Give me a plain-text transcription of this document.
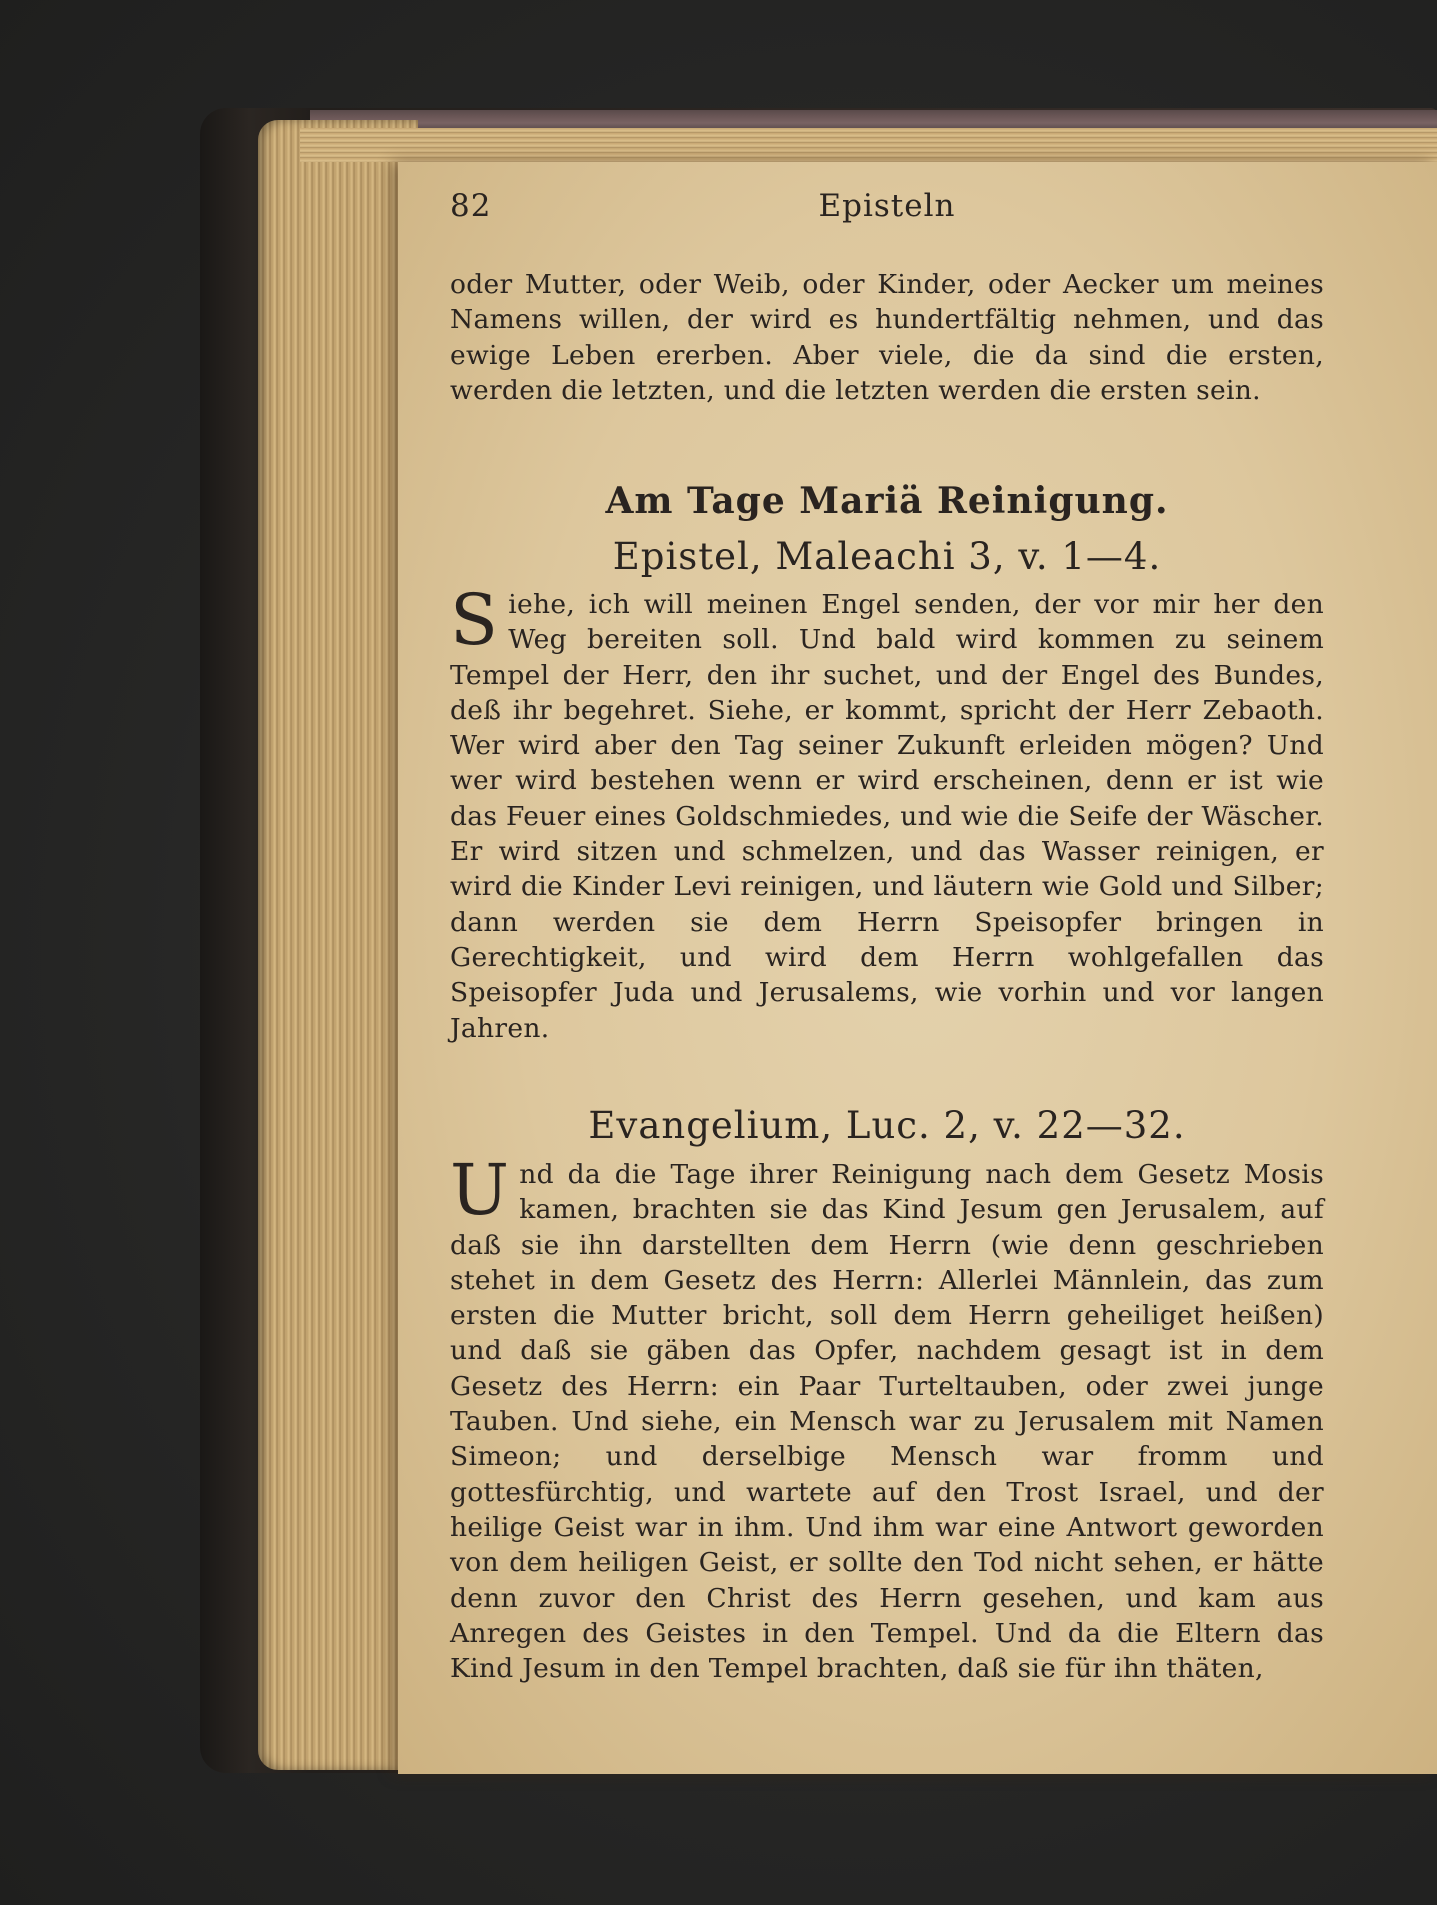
82	Episteln
oder Mutter, oder Weib, oder Kinder, oder Aecker um meines Namens willen, der wird es hundertfältig nehmen, und das ewige Leben ererben. Aber viele, die da sind die ersten, werden die letzten, und die letzten werden die ersten sein.
Am Tage Mariä Reinigung.
Epistel, Maleachi 3, v. 1—4.
Siehe, ich will meinen Engel senden, der vor mir her den Weg bereiten soll. Und bald wird kommen zu seinem Tempel der Herr, den ihr suchet, und der Engel des Bundes, deß ihr begehret. Siehe, er kommt, spricht der Herr Zebaoth. Wer wird aber den Tag seiner Zukunft erleiden mögen? Und wer wird bestehen wenn er wird erscheinen, denn er ist wie das Feuer eines Goldschmiedes, und wie die Seife der Wäscher. Er wird sitzen und schmelzen, und das Wasser reinigen, er wird die Kinder Levi reinigen, und läutern wie Gold und Silber; dann werden sie dem Herrn Speisopfer bringen in Gerechtigkeit, und wird dem Herrn wohlgefallen das Speisopfer Juda und Jerusalems, wie vorhin und vor langen Jahren.
Evangelium, Luc. 2, v. 22—32.
Und da die Tage ihrer Reinigung nach dem Gesetz Mosis kamen, brachten sie das Kind Jesum gen Jerusalem, auf daß sie ihn darstellten dem Herrn (wie denn geschrieben stehet in dem Gesetz des Herrn: Allerlei Männlein, das zum ersten die Mutter bricht, soll dem Herrn geheiliget heißen) und daß sie gäben das Opfer, nachdem gesagt ist in dem Gesetz des Herrn: ein Paar Turteltauben, oder zwei junge Tauben. Und siehe, ein Mensch war zu Jerusalem mit Namen Simeon; und derselbige Mensch war fromm und gottesfürchtig, und wartete auf den Trost Israel, und der heilige Geist war in ihm. Und ihm war eine Antwort geworden von dem heiligen Geist, er sollte den Tod nicht sehen, er hätte denn zuvor den Christ des Herrn gesehen, und kam aus Anregen des Geistes in den Tempel. Und da die Eltern das Kind Jesum in den Tempel brachten, daß sie für ihn thäten,
